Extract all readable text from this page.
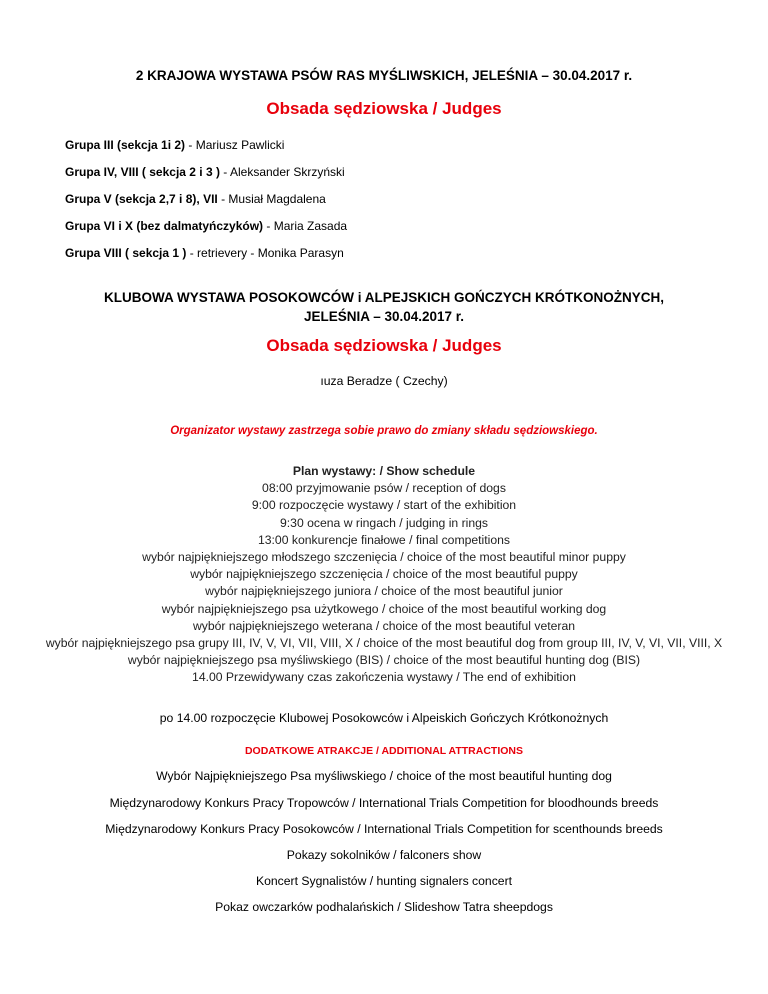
2 KRAJOWA WYSTAWA PSÓW RAS MYŚLIWSKICH, JELEŚNIA – 30.04.2017 r.
Obsada sędziowska / Judges
Grupa III (sekcja 1i 2) - Mariusz Pawlicki
Grupa IV, VIII ( sekcja 2 i 3 ) - Aleksander Skrzyński
Grupa V (sekcja 2,7 i 8), VII - Musiał Magdalena
Grupa VI i X (bez dalmatyńczyków) - Maria Zasada
Grupa VIII ( sekcja 1 ) - retrievery - Monika Parasyn
KLUBOWA WYSTAWA POSOKOWCÓW i ALPEJSKICH GOŃCZYCH KRÓTKONOŻNYCH,
JELEŚNIA – 30.04.2017 r.
Obsada sędziowska / Judges
ıuza Beradze ( Czechy)
Organizator wystawy zastrzega sobie prawo do zmiany składu sędziowskiego.
Plan wystawy: / Show schedule
08:00 przyjmowanie psów / reception of dogs
9:00 rozpoczęcie wystawy / start of the exhibition
9:30 ocena w ringach / judging in rings
13:00 konkurencje finałowe / final competitions
wybór najpiękniejszego młodszego szczenięcia / choice of the most beautiful minor puppy
wybór najpiękniejszego szczenięcia / choice of the most beautiful puppy
wybór najpiękniejszego juniora / choice of the most beautiful junior
wybór najpiękniejszego psa użytkowego / choice of the most beautiful working dog
wybór najpiękniejszego weterana / choice of the most beautiful veteran
wybór najpiękniejszego psa grupy III, IV, V, VI, VII, VIII, X / choice of the most beautiful dog from group III, IV, V, VI, VII, VIII, X
wybór najpiękniejszego psa myśliwskiego (BIS) / choice of the most beautiful hunting dog (BIS)
14.00 Przewidywany czas zakończenia wystawy / The end of exhibition
po 14.00 rozpoczęcie Klubowej Posokowców i Alpeiskich Gończych Krótkonożnych
DODATKOWE ATRAKCJE / ADDITIONAL ATTRACTIONS
Wybór Najpiękniejszego Psa myśliwskiego / choice of the most beautiful hunting dog
Międzynarodowy Konkurs Pracy Tropowców / International Trials Competition for bloodhounds breeds
Międzynarodowy Konkurs Pracy Posokowców / International Trials Competition for scenthounds breeds
Pokazy sokolników / falconers show
Koncert Sygnalistów / hunting signalers concert
Pokaz owczarków podhalańskich / Slideshow Tatra sheepdogs
